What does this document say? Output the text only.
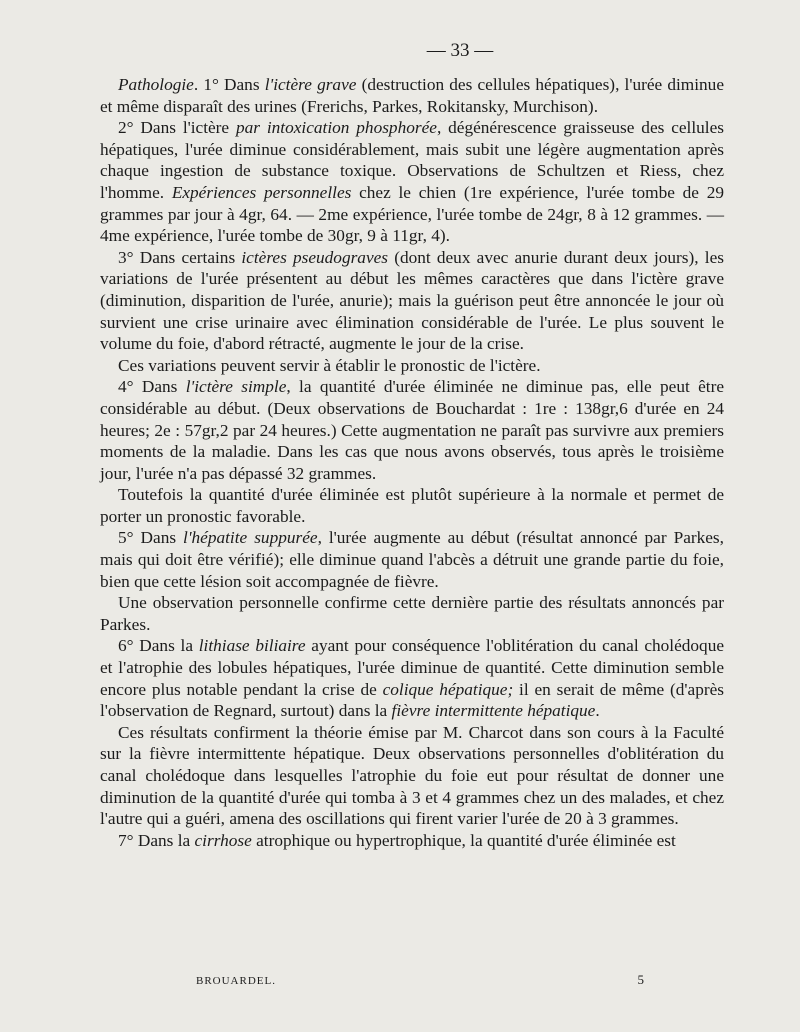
— 33 —

Pathologie. 1° Dans l'ictère grave (destruction des cellules hépatiques), l'urée diminue et même disparaît des urines (Frerichs, Parkes, Rokitansky, Murchison).

2° Dans l'ictère par intoxication phosphorée, dégénérescence graisseuse des cellules hépatiques, l'urée diminue considérablement, mais subit une légère augmentation après chaque ingestion de substance toxique. Observations de Schultzen et Riess, chez l'homme. Expériences personnelles chez le chien (1re expérience, l'urée tombe de 29 grammes par jour à 4gr, 64. — 2me expérience, l'urée tombe de 24gr, 8 à 12 grammes. — 4me expérience, l'urée tombe de 30gr, 9 à 11gr, 4).

3° Dans certains ictères pseudograves (dont deux avec anurie durant deux jours), les variations de l'urée présentent au début les mêmes caractères que dans l'ictère grave (diminution, disparition de l'urée, anurie); mais la guérison peut être annoncée le jour où survient une crise urinaire avec élimination considérable de l'urée. Le plus souvent le volume du foie, d'abord rétracté, augmente le jour de la crise.

Ces variations peuvent servir à établir le pronostic de l'ictère.

4° Dans l'ictère simple, la quantité d'urée éliminée ne diminue pas, elle peut être considérable au début. (Deux observations de Bouchardat : 1re : 138gr,6 d'urée en 24 heures; 2e : 57gr,2 par 24 heures.) Cette augmentation ne paraît pas survivre aux premiers moments de la maladie. Dans les cas que nous avons observés, tous après le troisième jour, l'urée n'a pas dépassé 32 grammes.

Toutefois la quantité d'urée éliminée est plutôt supérieure à la normale et permet de porter un pronostic favorable.

5° Dans l'hépatite suppurée, l'urée augmente au début (résultat annoncé par Parkes, mais qui doit être vérifié); elle diminue quand l'abcès a détruit une grande partie du foie, bien que cette lésion soit accompagnée de fièvre.

Une observation personnelle confirme cette dernière partie des résultats annoncés par Parkes.

6° Dans la lithiase biliaire ayant pour conséquence l'oblitération du canal cholédoque et l'atrophie des lobules hépatiques, l'urée diminue de quantité. Cette diminution semble encore plus notable pendant la crise de colique hépatique; il en serait de même (d'après l'observation de Regnard, surtout) dans la fièvre intermittente hépatique.

Ces résultats confirment la théorie émise par M. Charcot dans son cours à la Faculté sur la fièvre intermittente hépatique. Deux observations personnelles d'oblitération du canal cholédoque dans lesquelles l'atrophie du foie eut pour résultat de donner une diminution de la quantité d'urée qui tomba à 3 et 4 grammes chez un des malades, et chez l'autre qui a guéri, amena des oscillations qui firent varier l'urée de 20 à 3 grammes.

7° Dans la cirrhose atrophique ou hypertrophique, la quantité d'urée éliminée est

BROUARDEL.	5
